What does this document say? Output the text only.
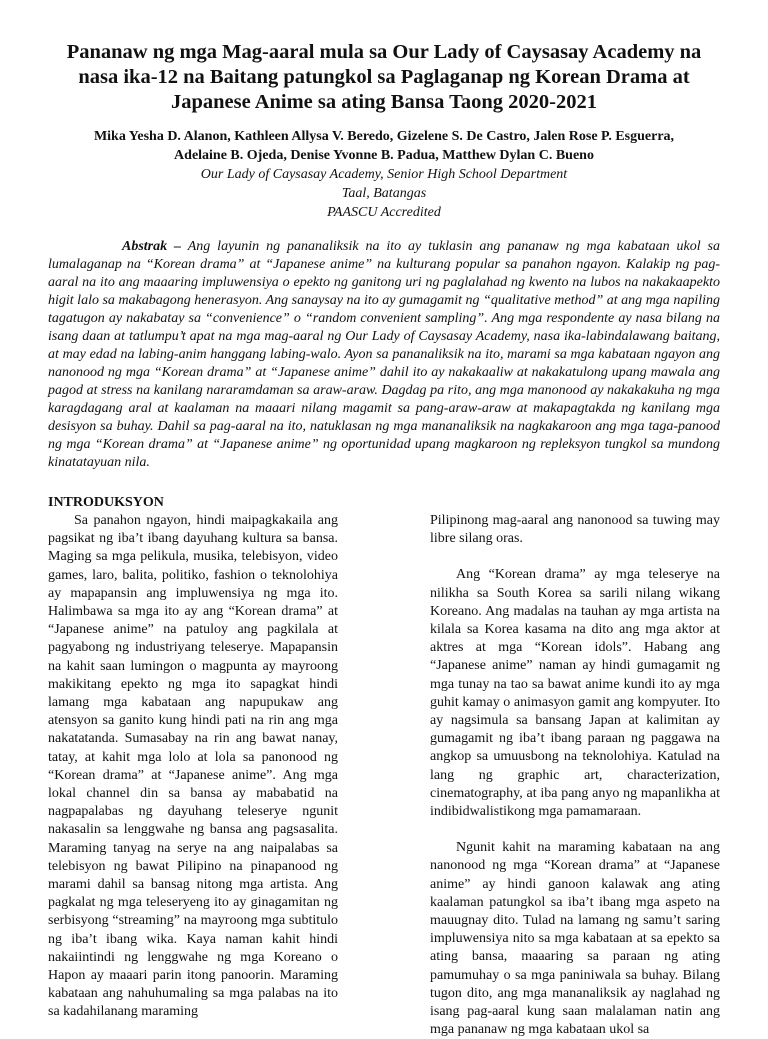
Pananaw ng mga Mag-aaral mula sa Our Lady of Caysasay Academy na nasa ika-12 na Baitang patungkol sa Paglaganap ng Korean Drama at Japanese Anime sa ating Bansa Taong 2020-2021
Mika Yesha D. Alanon, Kathleen Allysa V. Beredo, Gizelene S. De Castro, Jalen Rose P. Esguerra,
Adelaine B. Ojeda, Denise Yvonne B. Padua, Matthew Dylan C. Bueno
Our Lady of Caysasay Academy, Senior High School Department
Taal, Batangas
PAASCU Accredited
Abstrak – Ang layunin ng pananaliksik na ito ay tuklasin ang pananaw ng mga kabataan ukol sa lumalaganap na “Korean drama” at “Japanese anime” na kulturang popular sa panahon ngayon. Kalakip ng pag-aaral na ito ang maaaring impluwensiya o epekto ng ganitong uri ng paglalahad ng kwento na lubos na nakakaapekto higit lalo sa makabagong henerasyon. Ang sanaysay na ito ay gumagamit ng “qualitative method” at ang mga napiling tagatugon ay nakabatay sa “convenience” o “random convenient sampling”. Ang mga respondente ay nasa bilang na isang daan at tatlumpu’t apat na mga mag-aaral ng Our Lady of Caysasay Academy, nasa ika-labindalawang baitang, at may edad na labing-anim hanggang labing-walo. Ayon sa pananaliksik na ito, marami sa mga kabataan ngayon ang nanonood ng mga “Korean drama” at “Japanese anime” dahil ito ay nakakaaliw at nakakatulong upang mawala ang pagod at stress na kanilang nararamdaman sa araw-araw. Dagdag pa rito, ang mga manonood ay nakakakuha ng mga karagdagang aral at kaalaman na maaari nilang magamit sa pang-araw-araw at makapagtakda ng kanilang mga desisyon sa buhay. Dahil sa pag-aaral na ito, natuklasan ng mga mananaliksik na nagkakaroon ang mga taga-panood ng mga “Korean drama” at “Japanese anime” ng oportunidad upang magkaroon ng repleksyon tungkol sa mundong kinatatayuan nila.
INTRODUKSYON

Sa panahon ngayon, hindi maipagkakaila ang pagsikat ng iba’t ibang dayuhang kultura sa bansa. Maging sa mga pelikula, musika, telebisyon, video games, laro, balita, politiko, fashion o teknolohiya ay mapapansin ang impluwensiya ng mga ito. Halimbawa sa mga ito ay ang “Korean drama” at “Japanese anime” na patuloy ang pagkilala at pagyabong ng industriyang teleserye. Mapapansin na kahit saan lumingon o magpunta ay mayroong makikitang epekto ng mga ito sapagkat hindi lamang mga kabataan ang napupukaw ang atensyon sa ganito kung hindi pati na rin ang mga nakatatanda. Sumasabay na rin ang bawat nanay, tatay, at kahit mga lolo at lola sa panonood ng “Korean drama” at “Japanese anime”. Ang mga lokal channel din sa bansa ay mababatid na nagpapalabas ng dayuhang teleserye ngunit nakasalin sa lenggwahe ng bansa ang pagsasalita. Maraming tanyag na serye na ang naipalabas sa telebisyon ng bawat Pilipino na pinapanood ng marami dahil sa bansag nitong mga artista. Ang pagkalat ng mga teleseryeng ito ay ginagamitan ng serbisyong “streaming” na mayroong mga subtitulo ng iba’t ibang wika. Kaya naman kahit hindi nakaiintindi ng lenggwahe ng mga Koreano o Hapon ay maaari parin itong panoorin. Maraming kabataan ang nahuhumaling sa mga palabas na ito sa kadahilanang maraming

Pilipinong mag-aaral ang nanonood sa tuwing may libre silang oras.

Ang “Korean drama” ay mga teleserye na nilikha sa South Korea sa sarili nilang wikang Koreano. Ang madalas na tauhan ay mga artista na kilala sa Korea kasama na dito ang mga aktor at aktres at mga “Korean idols”. Habang ang “Japanese anime” naman ay hindi gumagamit ng mga tunay na tao sa bawat anime kundi ito ay mga guhit kamay o animasyon gamit ang kompyuter. Ito ay nagsimula sa bansang Japan at kalimitan ay gumagamit ng iba’t ibang paraan ng paggawa na angkop sa umuusbong na teknolohiya. Katulad na lang ng graphic art, characterization, cinematography, at iba pang anyo ng mapanlikha at indibidwalistikong mga pamamaraan.

Ngunit kahit na maraming kabataan na ang nanonood ng mga “Korean drama” at “Japanese anime” ay hindi ganoon kalawak ang ating kaalaman patungkol sa iba’t ibang mga aspeto na mauugnay dito. Tulad na lamang ng samu’t saring impluwensiya nito sa mga kabataan at sa epekto sa ating bansa, maaaring sa paraan ng ating pamumuhay o sa mga paniniwala sa buhay. Bilang tugon dito, ang mga mananaliksik ay naglahad ng isang pag-aaral kung saan malalaman natin ang mga pananaw ng mga kabataan ukol sa
